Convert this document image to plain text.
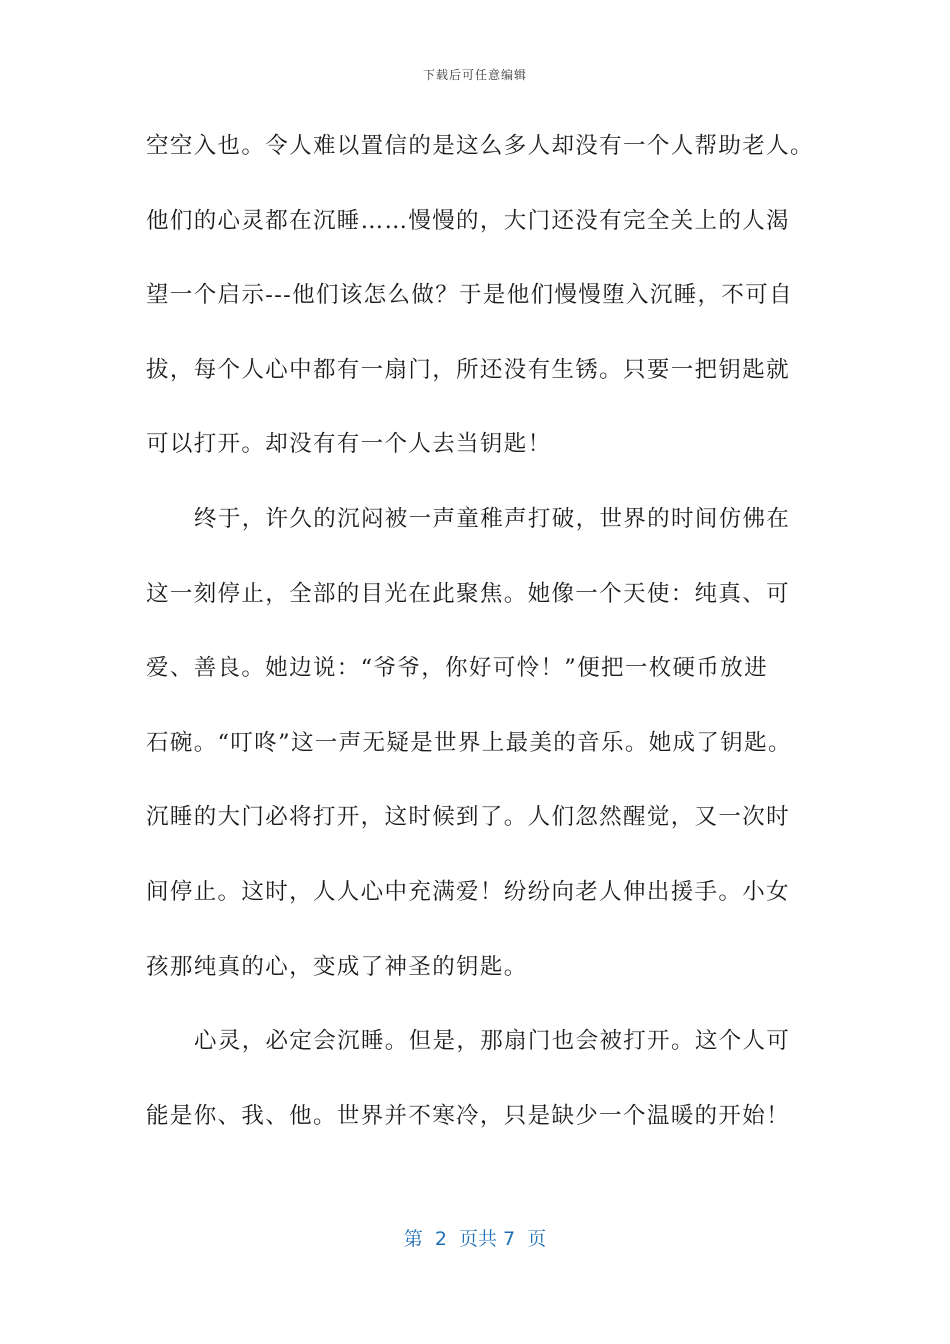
下载后可任意编辑
空空入也。令人难以置信的是这么多人却没有一个人帮助老人。
他们的心灵都在沉睡……慢慢的，大门还没有完全关上的人渴
望一个启示---他们该怎么做？于是他们慢慢堕入沉睡，不可自
拔，每个人心中都有一扇门，所还没有生锈。只要一把钥匙就
可以打开。却没有有一个人去当钥匙！
终于，许久的沉闷被一声童稚声打破，世界的时间仿佛在
这一刻停止，全部的目光在此聚焦。她像一个天使：纯真、可
爱、善良。她边说：“爷爷，你好可怜！”便把一枚硬币放进
石碗。“叮咚”这一声无疑是世界上最美的音乐。她成了钥匙。
沉睡的大门必将打开，这时候到了。人们忽然醒觉，又一次时
间停止。这时，人人心中充满爱！纷纷向老人伸出援手。小女
孩那纯真的心，变成了神圣的钥匙。
心灵，必定会沉睡。但是，那扇门也会被打开。这个人可
能是你、我、他。世界并不寒冷，只是缺少一个温暖的开始！
第  2  页共 7  页
